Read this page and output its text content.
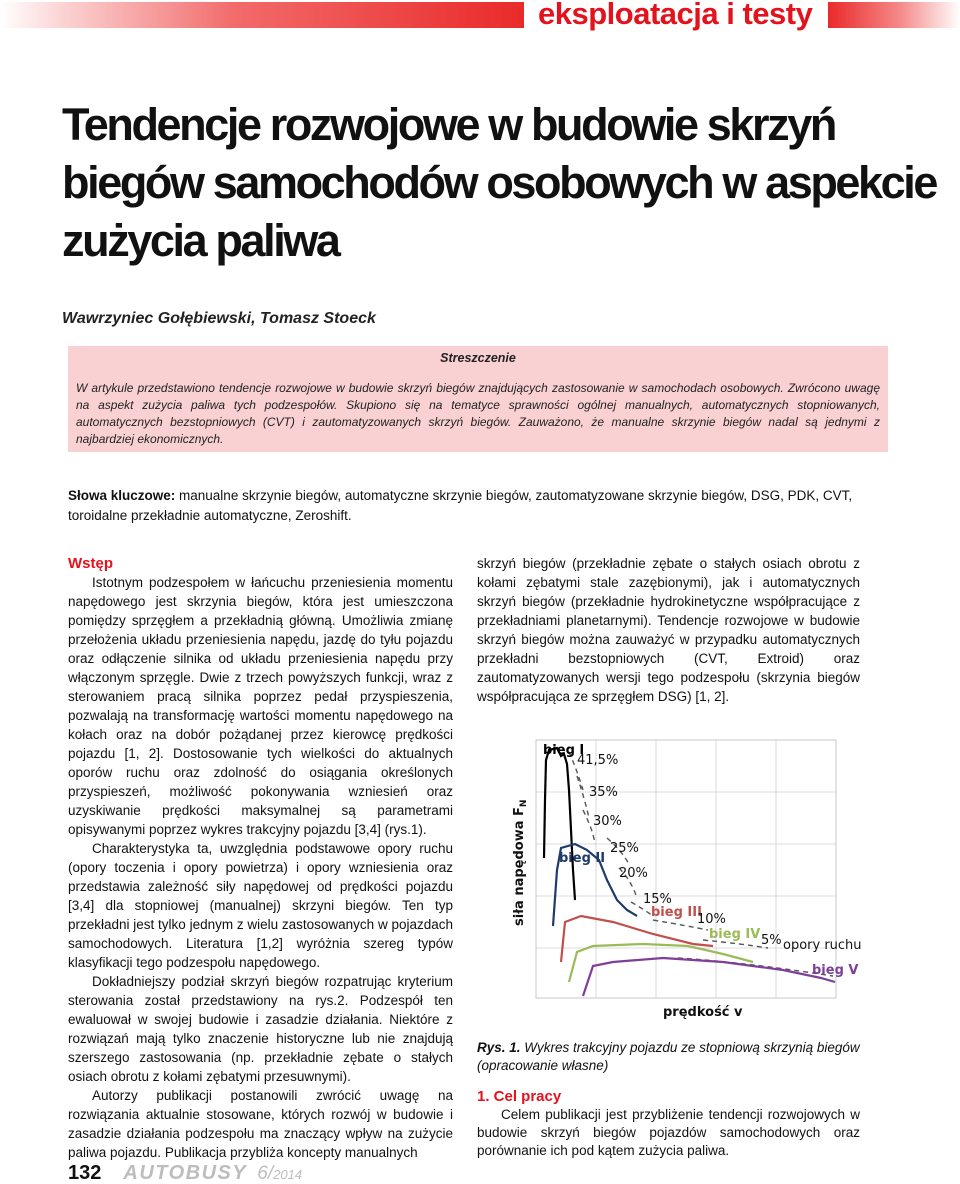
eksploatacja i testy
Tendencje rozwojowe w budowie skrzyń
biegów samochodów osobowych w aspekcie
zużycia paliwa
Wawrzyniec Gołębiewski, Tomasz Stoeck
Streszczenie

W artykule przedstawiono tendencje rozwojowe w budowie skrzyń biegów znajdujących zastosowanie w samochodach osobowych. Zwrócono uwagę na aspekt zużycia paliwa tych podzespołów. Skupiono się na tematyce sprawności ogólnej manualnych, automatycznych stopniowanych, automatycznych bezstopniowych (CVT) i zautomatyzowanych skrzyń biegów. Zauważono, że manualne skrzynie biegów nadal są jednymi z najbardziej ekonomicznych.

Słowa kluczowe: manualne skrzynie biegów, automatyczne skrzynie biegów, zautomatyzowane skrzynie biegów, DSG, PDK, CVT, toroidalne przekładnie automatyczne, Zeroshift.
Wstęp

Istotnym podzespołem w łańcuchu przeniesienia momentu napędowego jest skrzynia biegów, która jest umieszczona pomiędzy sprzęgłem a przekładnią główną. Umożliwia zmianę przełożenia układu przeniesienia napędu, jazdę do tyłu pojazdu oraz odłączenie silnika od układu przeniesienia napędu przy włączonym sprzęgle. Dwie z trzech powyższych funkcji, wraz z sterowaniem pracą silnika poprzez pedał przyspieszenia, pozwalają na transformację wartości momentu napędowego na kołach oraz na dobór pożądanej przez kierowcę prędkości pojazdu [1, 2]. Dostosowanie tych wielkości do aktualnych oporów ruchu oraz zdolność do osiągania określonych przyspieszeń, możliwość pokonywania wzniesień oraz uzyskiwanie prędkości maksymalnej są parametrami opisywanymi poprzez wykres trakcyjny pojazdu [3,4] (rys.1).

Charakterystyka ta, uwzględnia podstawowe opory ruchu (opory toczenia i opory powietrza) i opory wzniesienia oraz przedstawia zależność siły napędowej od prędkości pojazdu [3,4] dla stopniowej (manualnej) skrzyni biegów. Ten typ przekładni jest tylko jednym z wielu zastosowanych w pojazdach samochodowych. Literatura [1,2] wyróżnia szereg typów klasyfikacji tego podzespołu napędowego.

Dokładniejszy podział skrzyń biegów rozpatrując kryterium sterowania został przedstawiony na rys.2. Podzespół ten ewaluował w swojej budowie i zasadzie działania. Niektóre z rozwiązań mają tylko znaczenie historyczne lub nie znajdują szerszego zastosowania (np. przekładnie zębate o stałych osiach obrotu z kołami zębatymi przesuwnymi).

Autorzy publikacji postanowili zwrócić uwagę na rozwiązania aktualnie stosowane, których rozwój w budowie i zasadzie działania podzespołu ma znaczący wpływ na zużycie paliwa pojazdu. Publikacja przybliża koncepty manualnych

skrzyń biegów (przekładnie zębate o stałych osiach obrotu z kołami zębatymi stale zazębionymi), jak i automatycznych skrzyń biegów (przekładnie hydrokinetyczne współpracujące z przekładniami planetarnymi). Tendencje rozwojowe w budowie skrzyń biegów można zauważyć w przypadku automatycznych przekładni bezstopniowych (CVT, Extroid) oraz zautomatyzowanych wersji tego podzespołu (skrzynia biegów współpracująca ze sprzęgłem DSG) [1, 2].

bieg I
bieg II
bieg III
bieg IV
bieg V
41,5%
35%
30%
25%
20%
15%
10%
5% opory ruchu
prędkość v
siła napędowa $F_N$
Rys. 1. Wykres trakcyjny pojazdu ze stopniową skrzynią biegów (opracowanie własne)
1. Cel pracy

Celem publikacji jest przybliżenie tendencji rozwojowych w budowie skrzyń biegów pojazdów samochodowych oraz porównanie ich pod kątem zużycia paliwa.

132 AUTOBUSY 6/2014
